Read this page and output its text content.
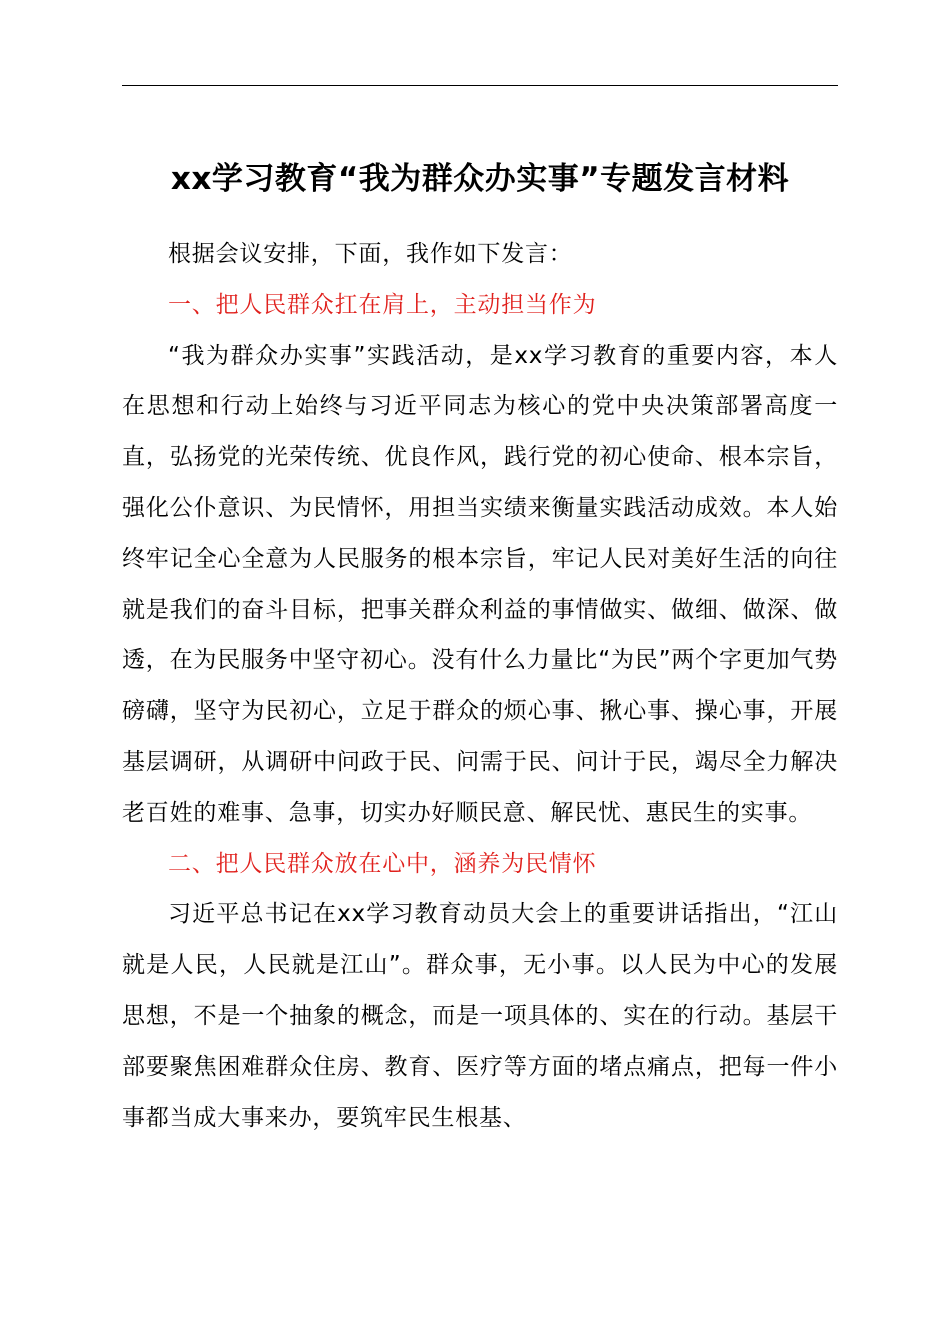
xx学习教育“我为群众办实事”专题发言材料

根据会议安排，下面，我作如下发言：

一、把人民群众扛在肩上，主动担当作为

“我为群众办实事”实践活动，是xx学习教育的重要内容，本人在思想和行动上始终与习近平同志为核心的党中央决策部署高度一直，弘扬党的光荣传统、优良作风，践行党的初心使命、根本宗旨，强化公仆意识、为民情怀，用担当实绩来衡量实践活动成效。本人始终牢记全心全意为人民服务的根本宗旨，牢记人民对美好生活的向往就是我们的奋斗目标，把事关群众利益的事情做实、做细、做深、做透，在为民服务中坚守初心。没有什么力量比“为民”两个字更加气势磅礴，坚守为民初心，立足于群众的烦心事、揪心事、操心事，开展基层调研，从调研中问政于民、问需于民、问计于民，竭尽全力解决老百姓的难事、急事，切实办好顺民意、解民忧、惠民生的实事。

二、把人民群众放在心中，涵养为民情怀

习近平总书记在xx学习教育动员大会上的重要讲话指出，“江山就是人民，人民就是江山”。群众事，无小事。以人民为中心的发展思想，不是一个抽象的概念，而是一项具体的、实在的行动。基层干部要聚焦困难群众住房、教育、医疗等方面的堵点痛点，把每一件小事都当成大事来办，要筑牢民生根基、
